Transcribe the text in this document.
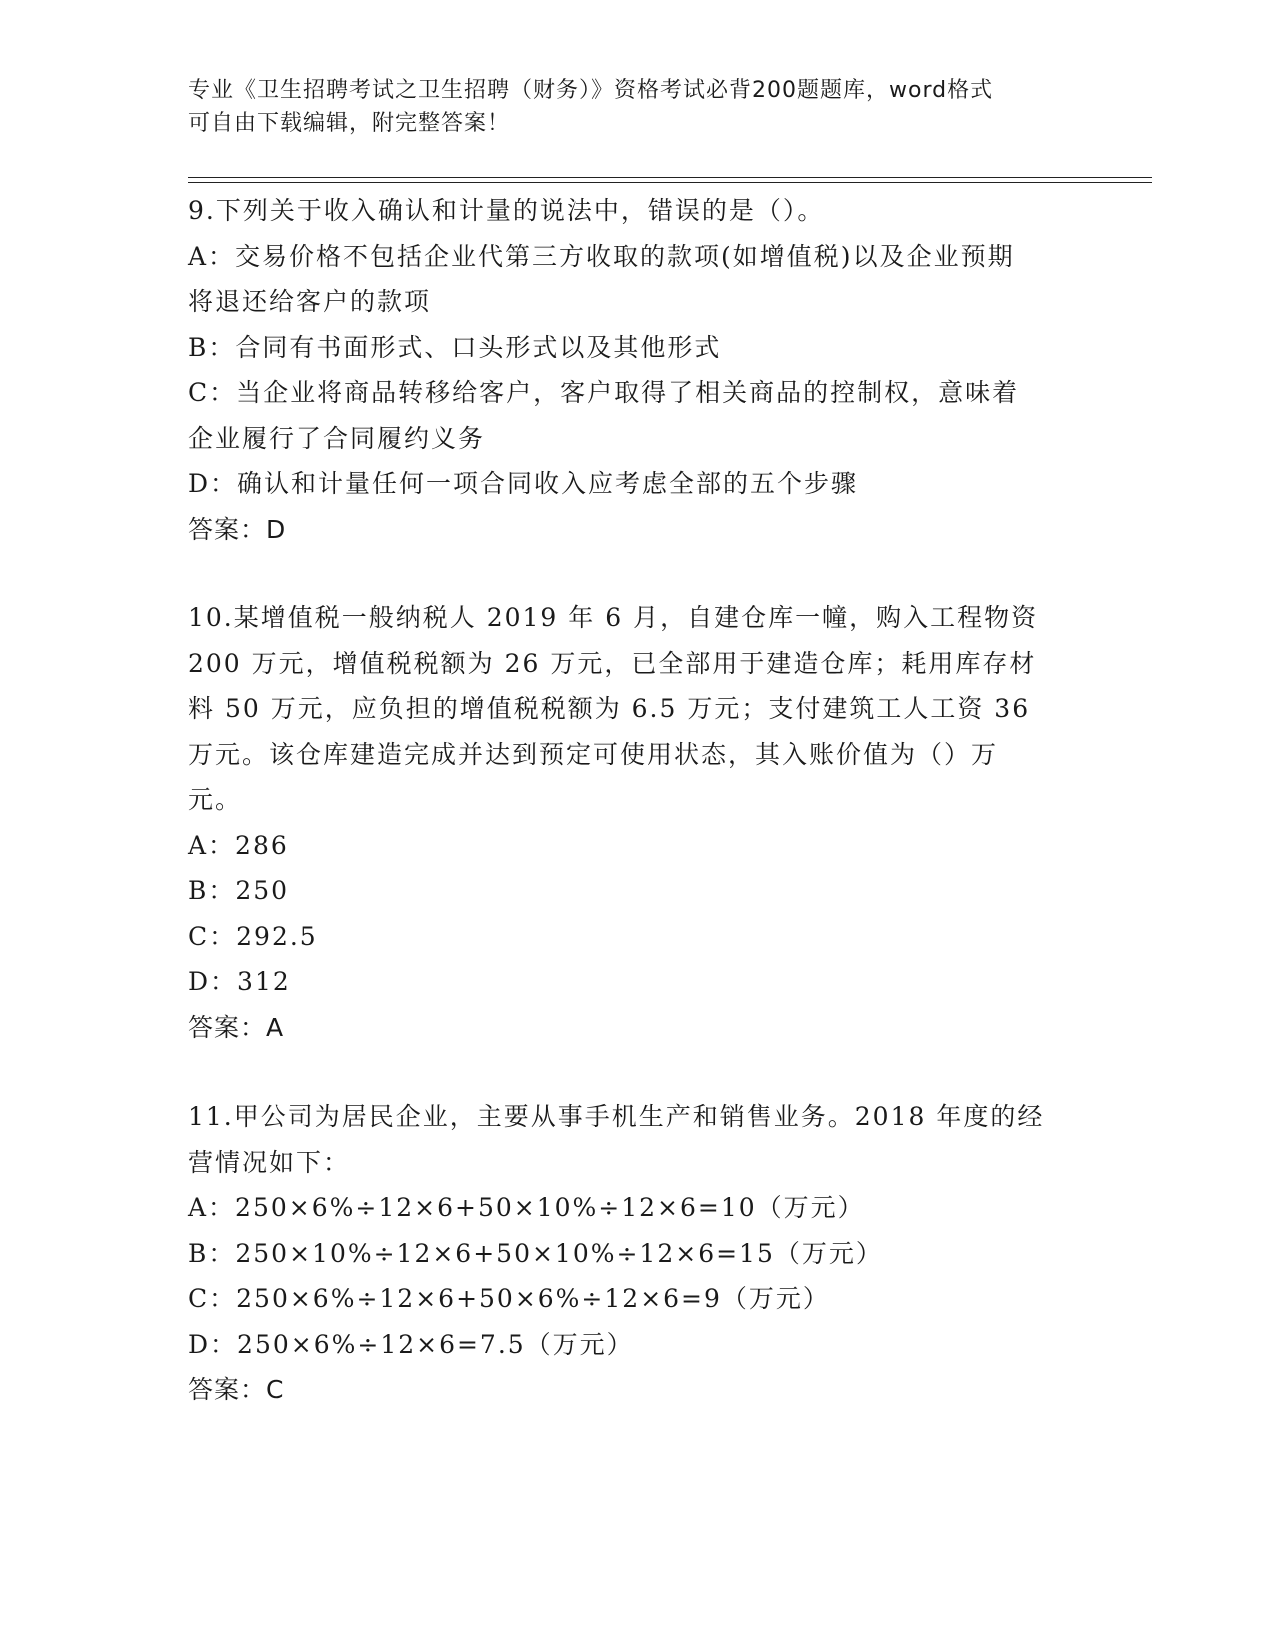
专业《卫生招聘考试之卫生招聘（财务）》资格考试必背200题题库，word格式
可自由下载编辑，附完整答案！
9.下列关于收入确认和计量的说法中，错误的是（）。
A：交易价格不包括企业代第三方收取的款项(如增值税)以及企业预期
将退还给客户的款项
B：合同有书面形式、口头形式以及其他形式
C：当企业将商品转移给客户，客户取得了相关商品的控制权，意味着
企业履行了合同履约义务
D：确认和计量任何一项合同收入应考虑全部的五个步骤
答案：D
10.某增值税一般纳税人 2019 年 6 月，自建仓库一幢，购入工程物资
200 万元，增值税税额为 26 万元，已全部用于建造仓库；耗用库存材
料 50 万元，应负担的增值税税额为 6.5 万元；支付建筑工人工资 36
万元。该仓库建造完成并达到预定可使用状态，其入账价值为（）万
元。
A：286
B：250
C：292.5
D：312
答案：A
11.甲公司为居民企业，主要从事手机生产和销售业务。2018 年度的经
营情况如下：
A：250×6%÷12×6+50×10%÷12×6=10（万元）
B：250×10%÷12×6+50×10%÷12×6=15（万元）
C：250×6%÷12×6+50×6%÷12×6=9（万元）
D：250×6%÷12×6=7.5（万元）
答案：C
